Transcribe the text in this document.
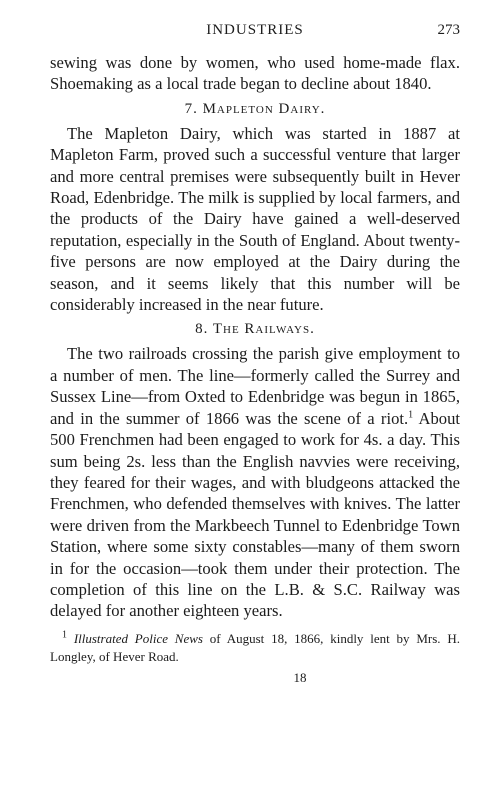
INDUSTRIES	273

sewing was done by women, who used home-made flax. Shoemaking as a local trade began to decline about 1840.

7. Mapleton Dairy.

The Mapleton Dairy, which was started in 1887 at Mapleton Farm, proved such a successful venture that larger and more central premises were subsequently built in Hever Road, Edenbridge. The milk is supplied by local farmers, and the products of the Dairy have gained a well-deserved reputation, especially in the South of England. About twenty-five persons are now employed at the Dairy during the season, and it seems likely that this number will be considerably increased in the near future.

8. The Railways.

The two railroads crossing the parish give employment to a number of men. The line—formerly called the Surrey and Sussex Line—from Oxted to Edenbridge was begun in 1865, and in the summer of 1866 was the scene of a riot.$^1$ About 500 Frenchmen had been engaged to work for 4s. a day. This sum being 2s. less than the English navvies were receiving, they feared for their wages, and with bludgeons attacked the Frenchmen, who defended themselves with knives. The latter were driven from the Markbeech Tunnel to Edenbridge Town Station, where some sixty constables—many of them sworn in for the occasion—took them under their protection. The completion of this line on the L.B. & S.C. Railway was delayed for another eighteen years.

$^1$ Illustrated Police News of August 18, 1866, kindly lent by Mrs. H. Longley, of Hever Road.

18
